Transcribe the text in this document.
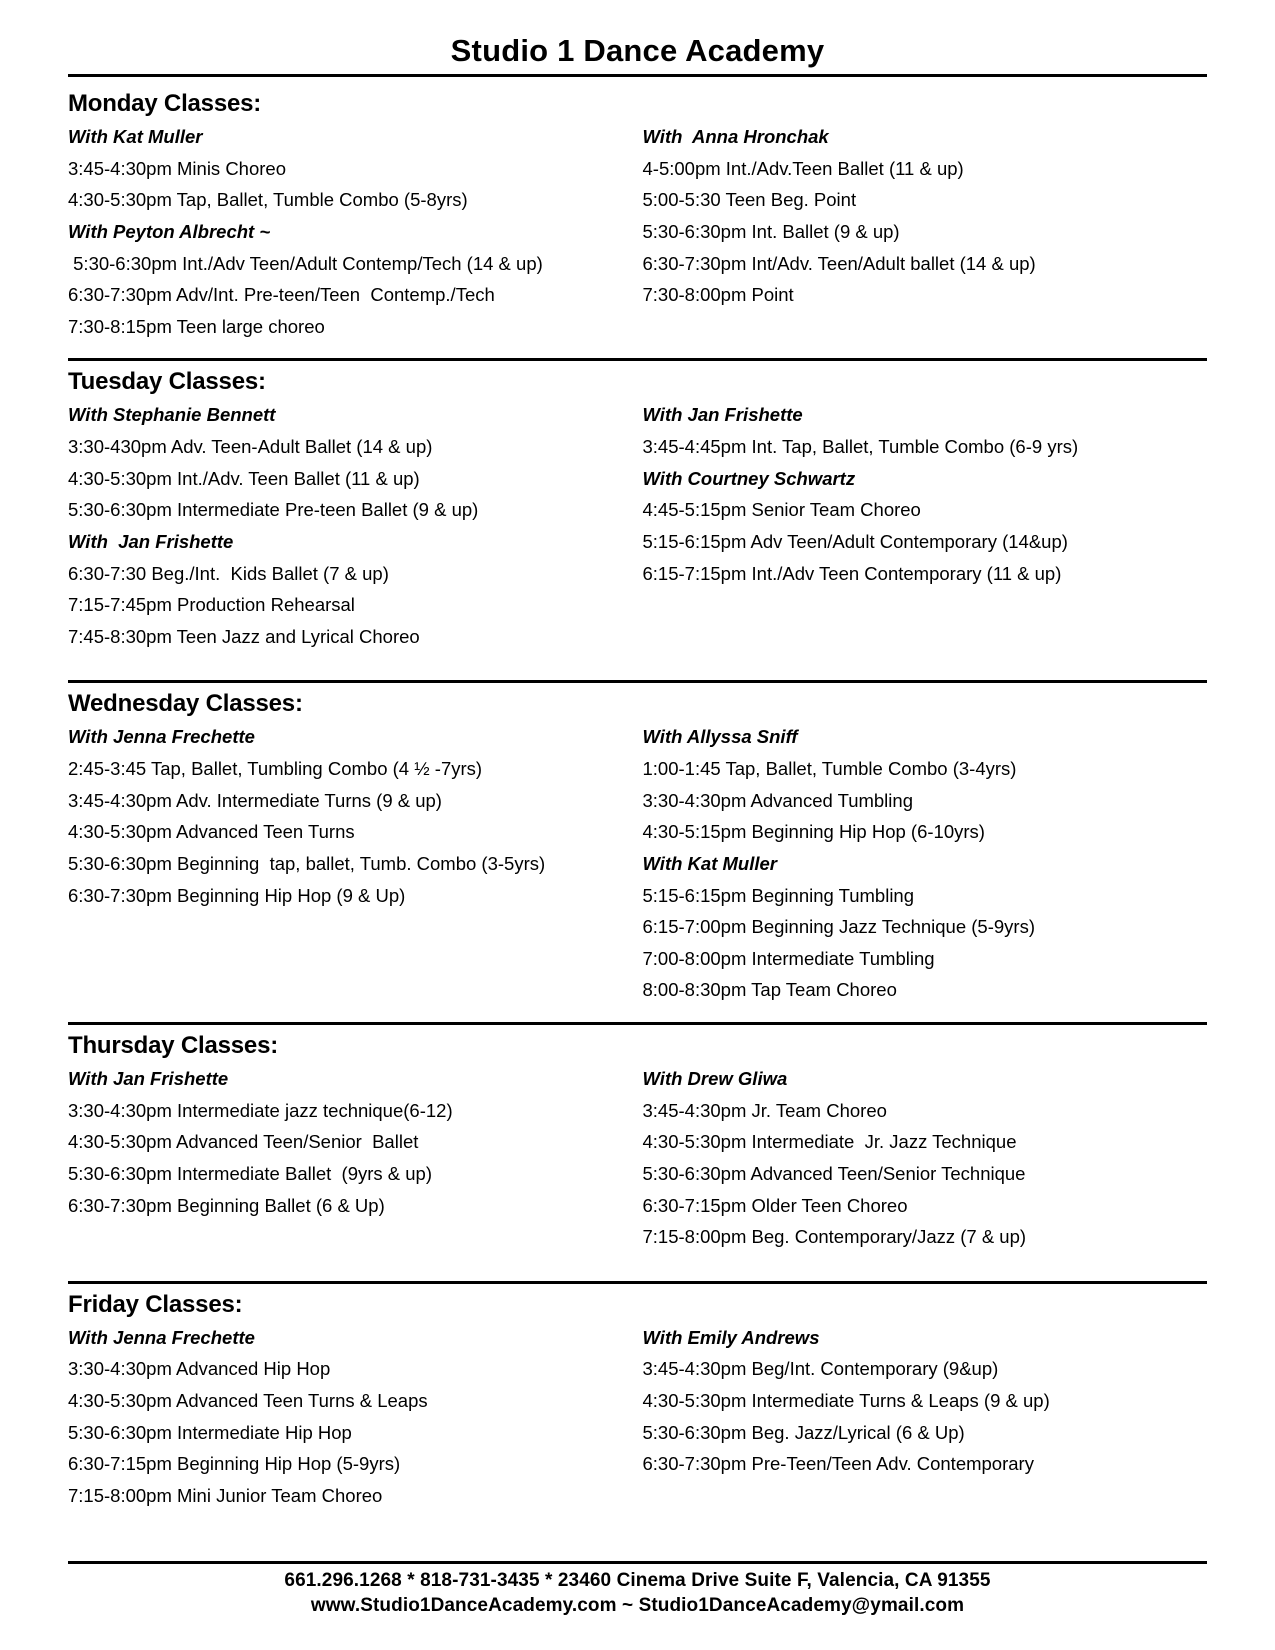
Studio 1 Dance Academy
Monday Classes:
With Kat Muller
3:45-4:30pm Minis Choreo
4:30-5:30pm Tap, Ballet, Tumble Combo (5-8yrs)
With Peyton Albrecht ~
5:30-6:30pm Int./Adv Teen/Adult Contemp/Tech (14 & up)
6:30-7:30pm Adv/Int. Pre-teen/Teen  Contemp./Tech
7:30-8:15pm Teen large choreo
With  Anna Hronchak
4-5:00pm Int./Adv.Teen Ballet (11 & up)
5:00-5:30 Teen Beg. Point
5:30-6:30pm Int. Ballet (9 & up)
6:30-7:30pm Int/Adv. Teen/Adult ballet (14 & up)
7:30-8:00pm Point
Tuesday Classes:
With Stephanie Bennett
3:30-430pm Adv. Teen-Adult Ballet (14 & up)
4:30-5:30pm Int./Adv. Teen Ballet (11 & up)
5:30-6:30pm Intermediate Pre-teen Ballet (9 & up)
With  Jan Frishette
6:30-7:30 Beg./Int.  Kids Ballet (7 & up)
7:15-7:45pm Production Rehearsal
7:45-8:30pm Teen Jazz and Lyrical Choreo
With Jan Frishette
3:45-4:45pm Int. Tap, Ballet, Tumble Combo (6-9 yrs)
With Courtney Schwartz
4:45-5:15pm Senior Team Choreo
5:15-6:15pm Adv Teen/Adult Contemporary (14&up)
6:15-7:15pm Int./Adv Teen Contemporary (11 & up)
Wednesday Classes:
With Jenna Frechette
2:45-3:45 Tap, Ballet, Tumbling Combo (4 ½ -7yrs)
3:45-4:30pm Adv. Intermediate Turns (9 & up)
4:30-5:30pm Advanced Teen Turns
5:30-6:30pm Beginning  tap, ballet, Tumb. Combo (3-5yrs)
6:30-7:30pm Beginning Hip Hop (9 & Up)
With Allyssa Sniff
1:00-1:45 Tap, Ballet, Tumble Combo (3-4yrs)
3:30-4:30pm Advanced Tumbling
4:30-5:15pm Beginning Hip Hop (6-10yrs)
With Kat Muller
5:15-6:15pm Beginning Tumbling
6:15-7:00pm Beginning Jazz Technique (5-9yrs)
7:00-8:00pm Intermediate Tumbling
8:00-8:30pm Tap Team Choreo
Thursday Classes:
With Jan Frishette
3:30-4:30pm Intermediate jazz technique(6-12)
4:30-5:30pm Advanced Teen/Senior  Ballet
5:30-6:30pm Intermediate Ballet  (9yrs & up)
6:30-7:30pm Beginning Ballet (6 & Up)
With Drew Gliwa
3:45-4:30pm Jr. Team Choreo
4:30-5:30pm Intermediate  Jr. Jazz Technique
5:30-6:30pm Advanced Teen/Senior Technique
6:30-7:15pm Older Teen Choreo
7:15-8:00pm Beg. Contemporary/Jazz (7 & up)
Friday Classes:
With Jenna Frechette
3:30-4:30pm Advanced Hip Hop
4:30-5:30pm Advanced Teen Turns & Leaps
5:30-6:30pm Intermediate Hip Hop
6:30-7:15pm Beginning Hip Hop (5-9yrs)
7:15-8:00pm Mini Junior Team Choreo
With Emily Andrews
3:45-4:30pm Beg/Int. Contemporary (9&up)
4:30-5:30pm Intermediate Turns & Leaps (9 & up)
5:30-6:30pm Beg. Jazz/Lyrical (6 & Up)
6:30-7:30pm Pre-Teen/Teen Adv. Contemporary
661.296.1268 * 818-731-3435 * 23460 Cinema Drive Suite F, Valencia, CA 91355
www.Studio1DanceAcademy.com ~ Studio1DanceAcademy@ymail.com
